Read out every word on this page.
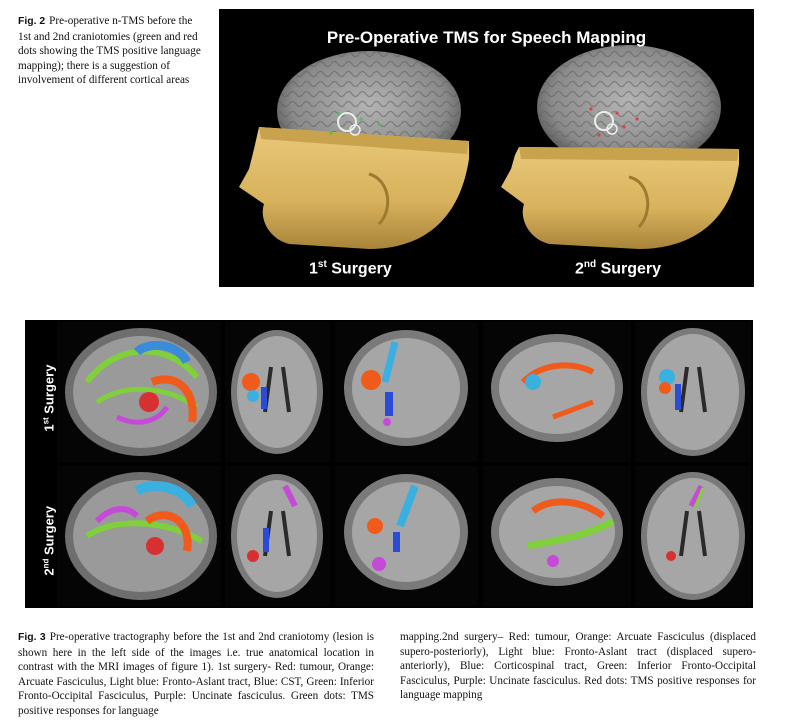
Fig. 2 Pre-operative n-TMS before the 1st and 2nd craniotomies (green and red dots showing the TMS positive language mapping); there is a suggestion of involvement of different cortical areas
Pre-Operative TMS for Speech Mapping
1st Surgery	2nd Surgery
1st Surgery
2nd Surgery
Fig. 3 Pre-operative tractography before the 1st and 2nd craniotomy (lesion is shown here in the left side of the images i.e. true anatomical location in contrast with the MRI images of figure 1). 1st surgery- Red: tumour, Orange: Arcuate Fasciculus, Light blue: Fronto-Aslant tract, Blue: CST, Green: Inferior Fronto-Occipital Fasciculus, Purple: Uncinate fasciculus. Green dots: TMS positive responses for language
mapping.2nd surgery– Red: tumour, Orange: Arcuate Fasciculus (displaced supero-posteriorly), Light blue: Fronto-Aslant tract (displaced supero-anteriorly), Blue: Corticospinal tract, Green: Inferior Fronto-Occipital Fasciculus, Purple: Uncinate fasciculus. Red dots: TMS positive responses for language mapping
